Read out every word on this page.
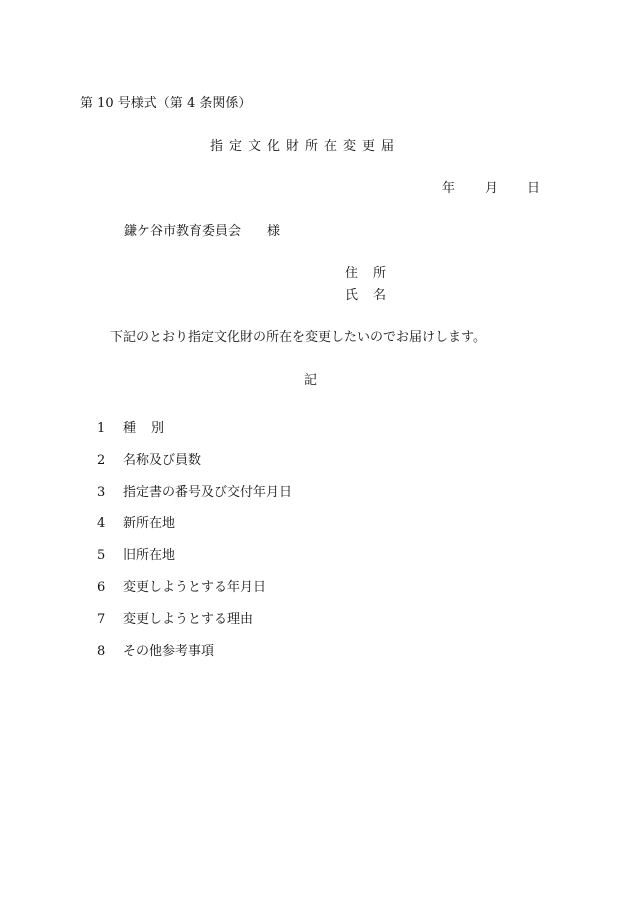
第 10 号様式（第 4 条関係）
指定文化財所在変更届
年 月 日
鎌ケ谷市教育委員会 様
住所
氏名
下記のとおり指定文化財の所在を変更したいのでお届けします。
記
1 種別
2 名称及び員数
3 指定書の番号及び交付年月日
4 新所在地
5 旧所在地
6 変更しようとする年月日
7 変更しようとする理由
8 その他参考事項
